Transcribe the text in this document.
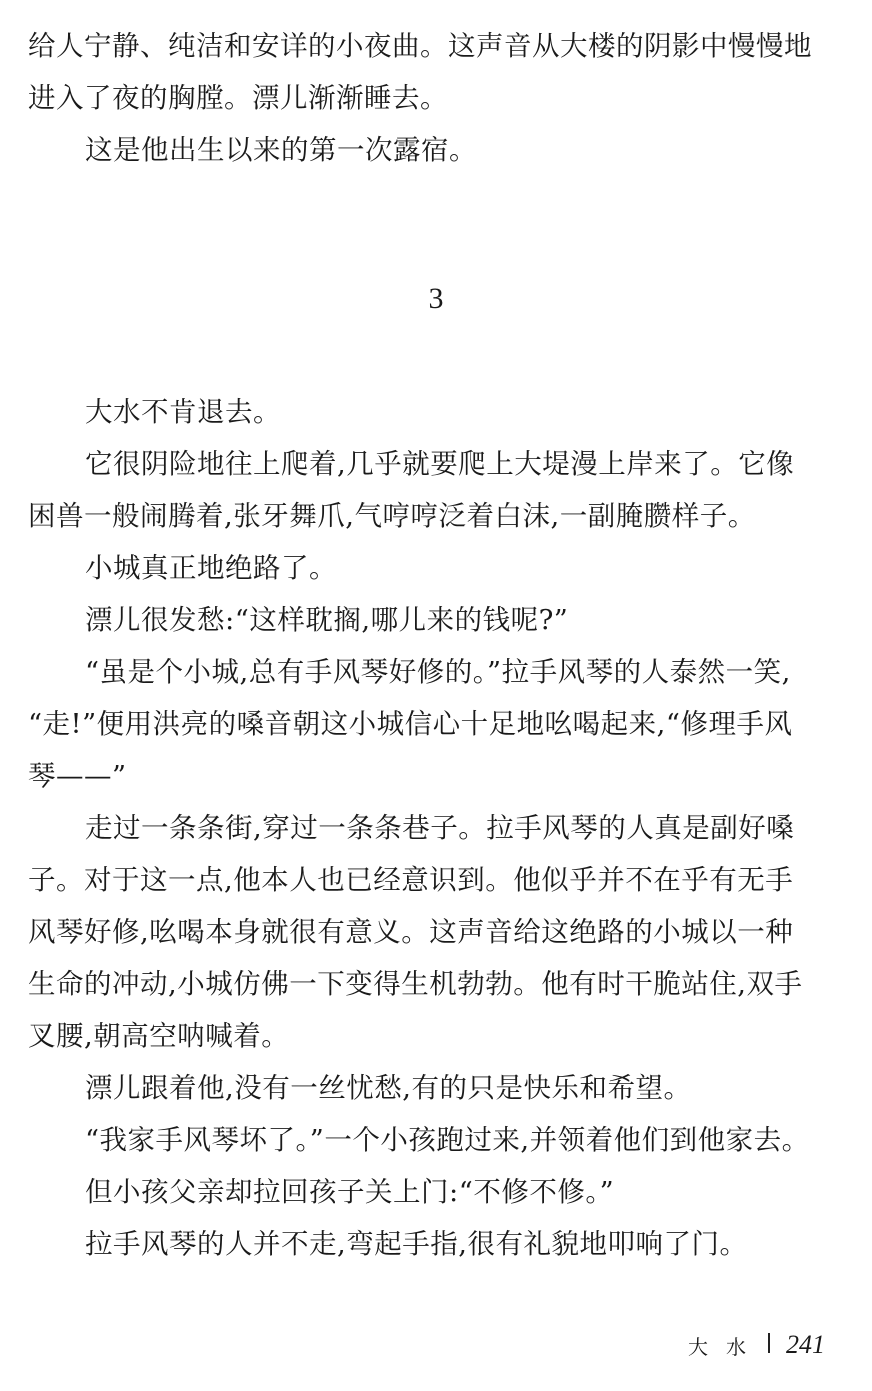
给人宁静、纯洁和安详的小夜曲。这声音从大楼的阴影中慢慢地
进入了夜的胸膛。漂儿渐渐睡去。
这是他出生以来的第一次露宿。
3
大水不肯退去。
它很阴险地往上爬着,几乎就要爬上大堤漫上岸来了。它像
困兽一般闹腾着,张牙舞爪,气哼哼泛着白沫,一副腌臜样子。
小城真正地绝路了。
漂儿很发愁:“这样耽搁,哪儿来的钱呢?”
“虽是个小城,总有手风琴好修的。”拉手风琴的人泰然一笑,
“走!”便用洪亮的嗓音朝这小城信心十足地吆喝起来,“修理手风
琴——”
走过一条条街,穿过一条条巷子。拉手风琴的人真是副好嗓
子。对于这一点,他本人也已经意识到。他似乎并不在乎有无手
风琴好修,吆喝本身就很有意义。这声音给这绝路的小城以一种
生命的冲动,小城仿佛一下变得生机勃勃。他有时干脆站住,双手
叉腰,朝高空呐喊着。
漂儿跟着他,没有一丝忧愁,有的只是快乐和希望。
“我家手风琴坏了。”一个小孩跑过来,并领着他们到他家去。
但小孩父亲却拉回孩子关上门:“不修不修。”
拉手风琴的人并不走,弯起手指,很有礼貌地叩响了门。
大水 241
